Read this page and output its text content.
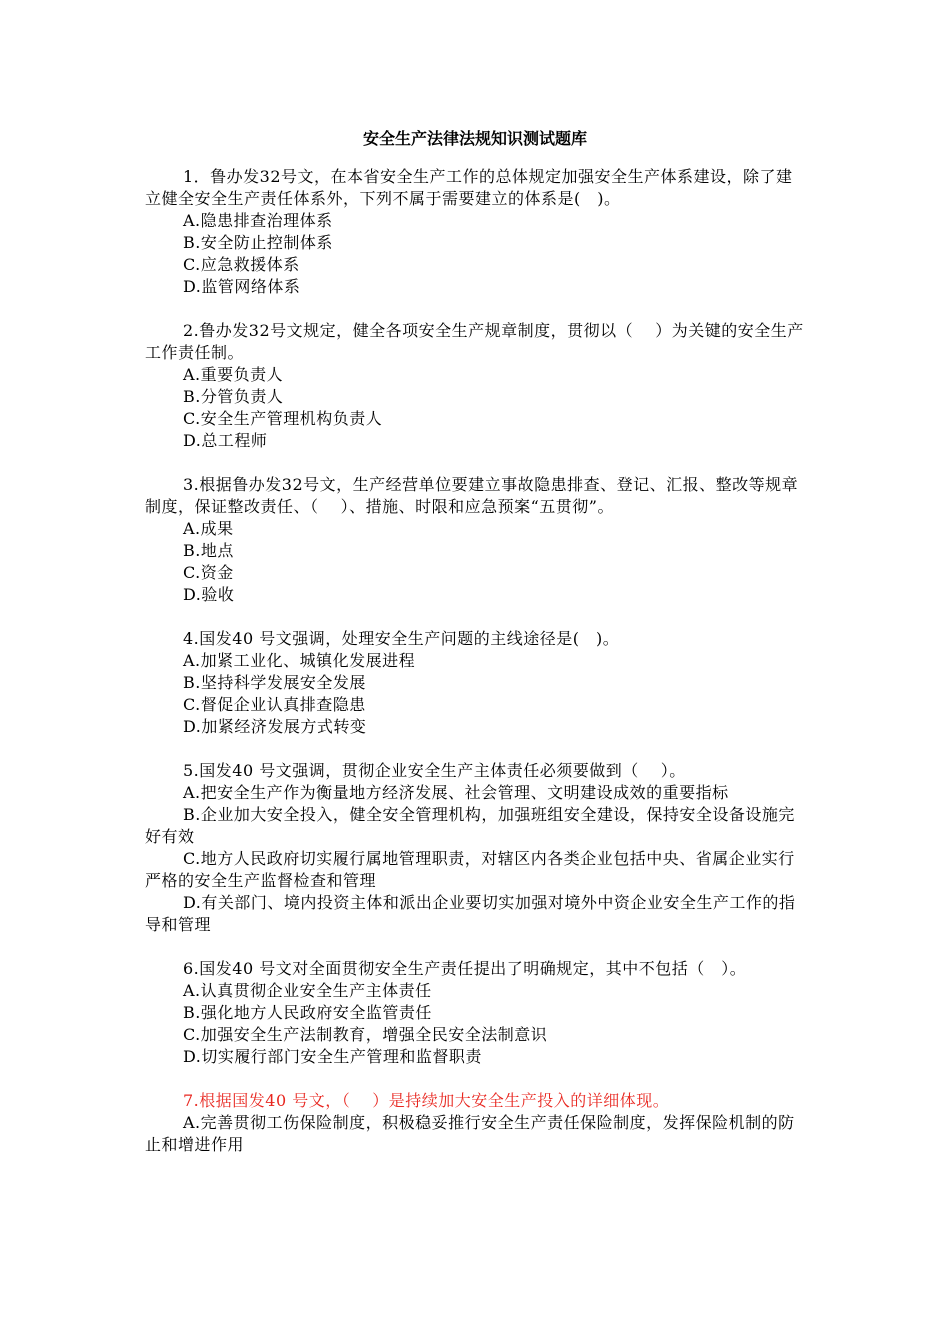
安全生产法律法规知识测试题库
1．鲁办发32号文，在本省安全生产工作的总体规定加强安全生产体系建设，除了建立健全安全生产责任体系外，下列不属于需要建立的体系是(　)。
A.隐患排查治理体系
B.安全防止控制体系
C.应急救援体系
D.监管网络体系
2.鲁办发32号文规定，健全各项安全生产规章制度，贯彻以（　 ）为关键的安全生产工作责任制。
A.重要负责人
B.分管负责人
C.安全生产管理机构负责人
D.总工程师
3.根据鲁办发32号文，生产经营单位要建立事故隐患排查、登记、汇报、整改等规章制度，保证整改责任、（　 ）、措施、时限和应急预案“五贯彻”。
A.成果
B.地点
C.资金
D.验收
4.国发40 号文强调，处理安全生产问题的主线途径是(　)。
A.加紧工业化、城镇化发展进程
B.坚持科学发展安全发展
C.督促企业认真排查隐患
D.加紧经济发展方式转变
5.国发40 号文强调，贯彻企业安全生产主体责任必须要做到（　 ）。
A.把安全生产作为衡量地方经济发展、社会管理、文明建设成效的重要指标
B.企业加大安全投入，健全安全管理机构，加强班组安全建设，保持安全设备设施完好有效
C.地方人民政府切实履行属地管理职责，对辖区内各类企业包括中央、省属企业实行严格的安全生产监督检查和管理
D.有关部门、境内投资主体和派出企业要切实加强对境外中资企业安全生产工作的指导和管理
6.国发40 号文对全面贯彻安全生产责任提出了明确规定，其中不包括（　）。
A.认真贯彻企业安全生产主体责任
B.强化地方人民政府安全监管责任
C.加强安全生产法制教育，增强全民安全法制意识
D.切实履行部门安全生产管理和监督职责
7.根据国发40 号文，（　 ）是持续加大安全生产投入的详细体现。
A.完善贯彻工伤保险制度，积极稳妥推行安全生产责任保险制度，发挥保险机制的防止和增进作用
